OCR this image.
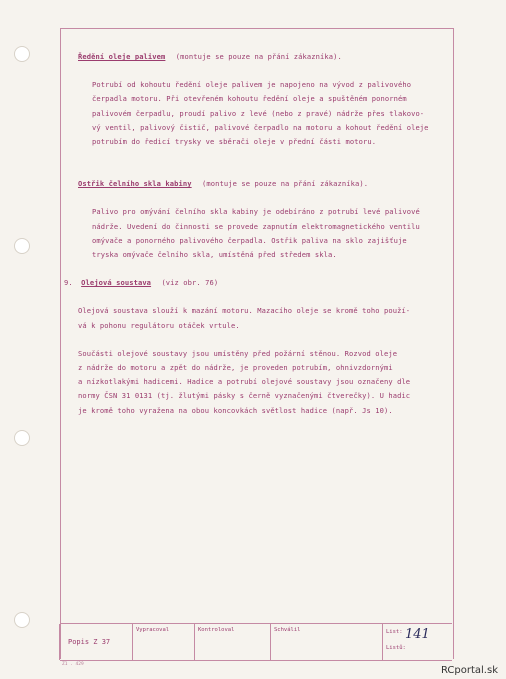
Ředění oleje palivem (montuje se pouze na přání zákazníka).
Potrubí od kohoutu ředění oleje palivem je napojeno na vývod z palivového
čerpadla motoru. Při otevřeném kohoutu ředění oleje a spuštěném ponorném
palivovém čerpadlu, proudí palivo z levé (nebo z pravé) nádrže přes tlakovo-
vý ventil, palivový čistič, palivové čerpadlo na motoru a kohout ředění oleje
potrubím do ředicí trysky ve sběrači oleje v přední části motoru.
Ostřik čelního skla kabiny (montuje se pouze na přání zákazníka).
Palivo pro omývání čelního skla kabiny je odebíráno z potrubí levé palivové
nádrže. Uvedení do činnosti se provede zapnutím elektromagnetického ventilu
omývače a ponorného palivového čerpadla. Ostřik paliva na sklo zajišťuje
tryska omývače čelního skla, umístěná před středem skla.
9. Olejová soustava (viz obr. 76)
Olejová soustava slouží k mazání motoru. Mazacího oleje se kromě toho použí-
vá k pohonu regulátoru otáček vrtule.
Součásti olejové soustavy jsou umístěny před požární stěnou. Rozvod oleje
z nádrže do motoru a zpět do nádrže, je proveden potrubím, ohnivzdornými
a nízkotlakými hadicemi. Hadice a potrubí olejové soustavy jsou označeny dle
normy ČSN 31 0131 (tj. žlutými pásky s černě vyznačenými čtverečky). U hadic
je kromě toho vyražena na obou koncovkách světlost hadice (např. Js 10).
Popis Z 37
Vypracoval	Kontroloval	Schválil	List:
Listů:
141
Z1 . 429
RCportal.sk
